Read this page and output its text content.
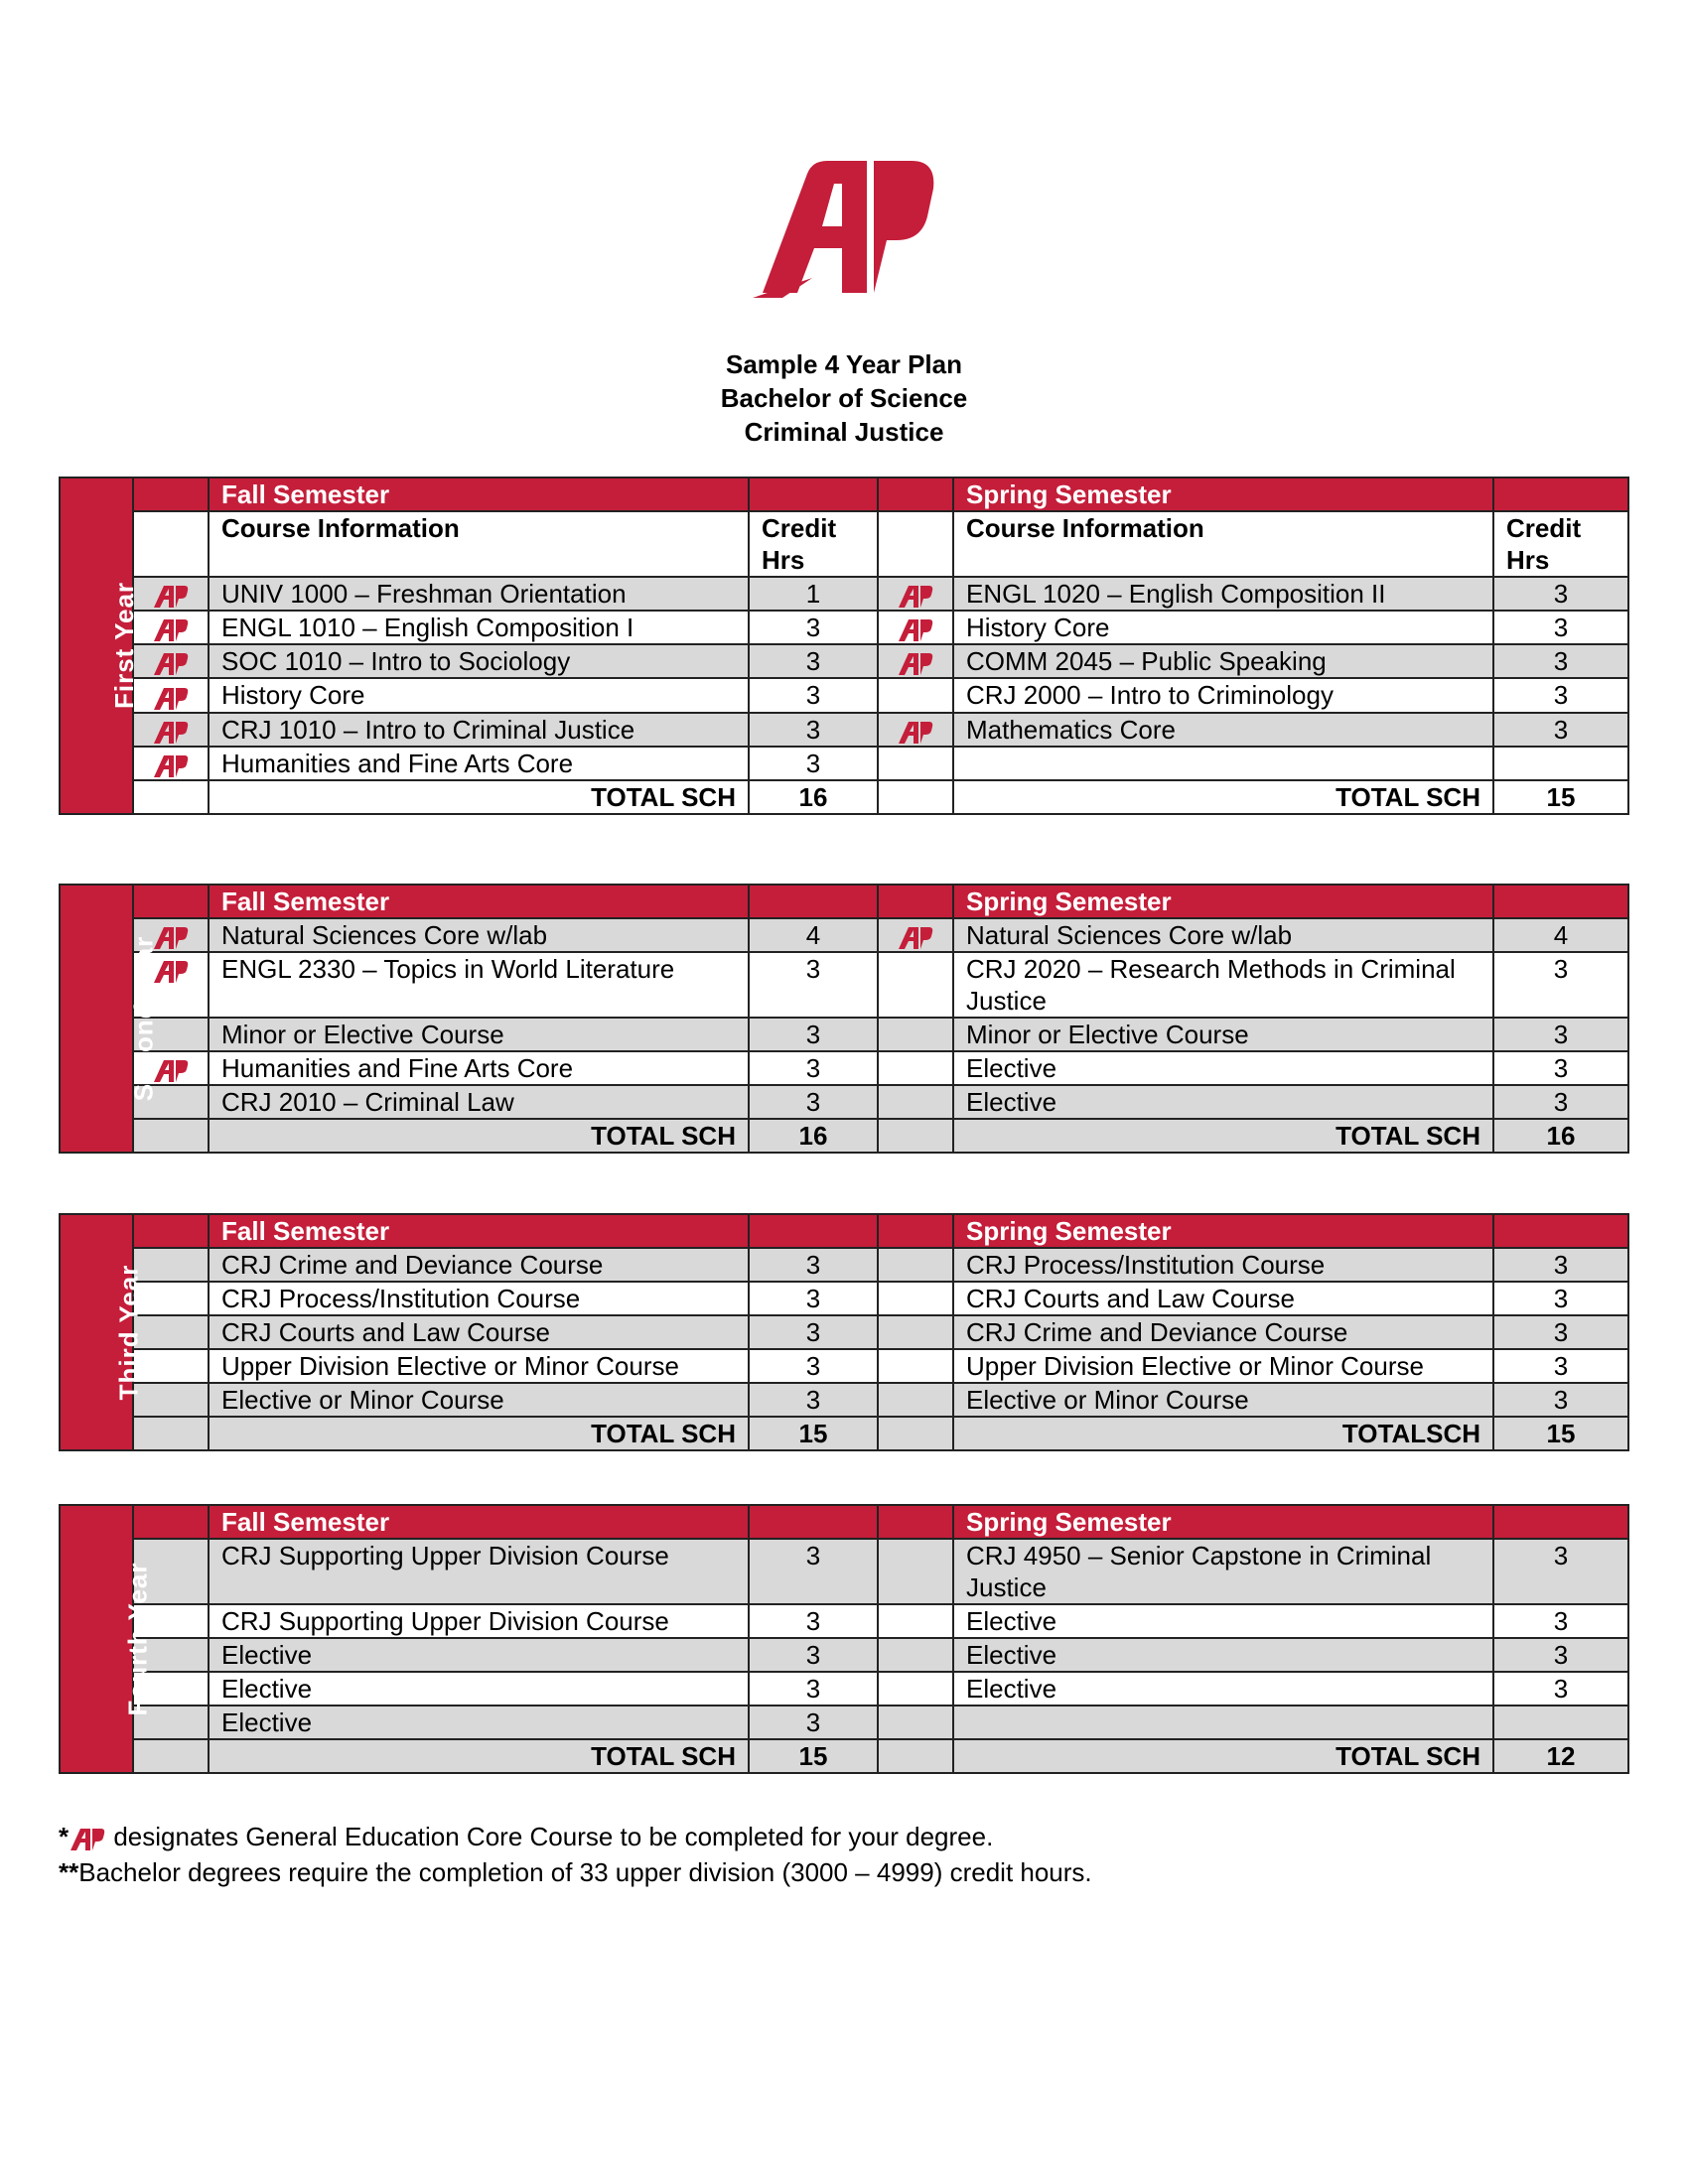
Sample 4 Year Plan
Bachelor of Science
Criminal Justice
First Year		Fall Semester			Spring Semester	
		Course Information	Credit Hrs		Course Information	Credit Hrs
	UNIV 1000 – Freshman Orientation	1		ENGL 1020 – English Composition II	3
	ENGL 1010 – English Composition I	3		History Core	3
	SOC 1010 – Intro to Sociology	3		COMM 2045 – Public Speaking	3
	History Core	3		CRJ 2000 – Intro to Criminology	3
	CRJ 1010 – Intro to Criminal Justice	3		Mathematics Core	3
	Humanities and Fine Arts Core	3			
		TOTAL SCH	16		TOTAL SCH	15
Second Year		Fall Semester			Spring Semester	
	Natural Sciences Core w/lab	4		Natural Sciences Core w/lab	4
	ENGL 2330 – Topics in World Literature	3		CRJ 2020 – Research Methods in Criminal Justice	3
		Minor or Elective Course	3		Minor or Elective Course	3
	Humanities and Fine Arts Core	3		Elective	3
		CRJ 2010 – Criminal Law	3		Elective	3
		TOTAL SCH	16		TOTAL SCH	16
Third Year		Fall Semester			Spring Semester	
		CRJ Crime and Deviance Course	3		CRJ Process/Institution Course	3
		CRJ Process/Institution Course	3		CRJ Courts and Law Course	3
		CRJ Courts and Law Course	3		CRJ Crime and Deviance Course	3
		Upper Division Elective or Minor Course	3		Upper Division Elective or Minor Course	3
		Elective or Minor Course	3		Elective or Minor Course	3
		TOTAL SCH	15		TOTALSCH	15
Fourth Year		Fall Semester			Spring Semester	
		CRJ Supporting Upper Division Course	3		CRJ 4950 – Senior Capstone in Criminal Justice	3
		CRJ Supporting Upper Division Course	3		Elective	3
		Elective	3		Elective	3
		Elective	3		Elective	3
		Elective	3			
		TOTAL SCH	15		TOTAL SCH	12
* designates General Education Core Course to be completed for your degree.
**Bachelor degrees require the completion of 33 upper division (3000 – 4999) credit hours.
